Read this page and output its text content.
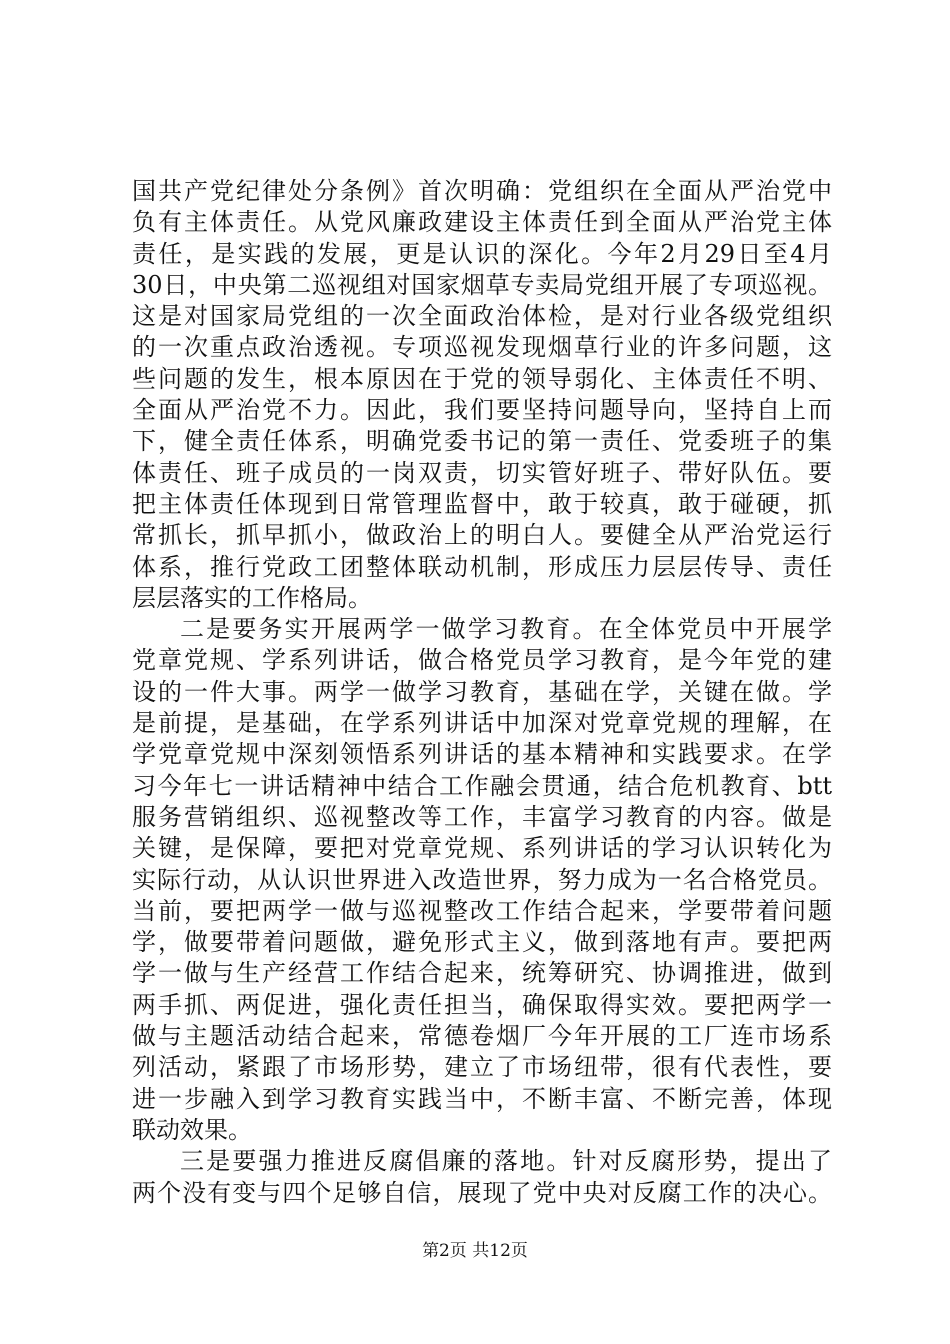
国共产党纪律处分条例》首次明确：党组织在全面从严治党中
负有主体责任。从党风廉政建设主体责任到全面从严治党主体
责任，是实践的发展，更是认识的深化。今年2月29日至4月
30日，中央第二巡视组对国家烟草专卖局党组开展了专项巡视。
这是对国家局党组的一次全面政治体检，是对行业各级党组织
的一次重点政治透视。专项巡视发现烟草行业的许多问题，这
些问题的发生，根本原因在于党的领导弱化、主体责任不明、
全面从严治党不力。因此，我们要坚持问题导向，坚持自上而
下，健全责任体系，明确党委书记的第一责任、党委班子的集
体责任、班子成员的一岗双责，切实管好班子、带好队伍。要
把主体责任体现到日常管理监督中，敢于较真，敢于碰硬，抓
常抓长，抓早抓小，做政治上的明白人。要健全从严治党运行
体系，推行党政工团整体联动机制，形成压力层层传导、责任
层层落实的工作格局。
二是要务实开展两学一做学习教育。在全体党员中开展学
党章党规、学系列讲话，做合格党员学习教育，是今年党的建
设的一件大事。两学一做学习教育，基础在学，关键在做。学
是前提，是基础，在学系列讲话中加深对党章党规的理解，在
学党章党规中深刻领悟系列讲话的基本精神和实践要求。在学
习今年七一讲话精神中结合工作融会贯通，结合危机教育、btt
服务营销组织、巡视整改等工作，丰富学习教育的内容。做是
关键，是保障，要把对党章党规、系列讲话的学习认识转化为
实际行动，从认识世界进入改造世界，努力成为一名合格党员。
当前，要把两学一做与巡视整改工作结合起来，学要带着问题
学，做要带着问题做，避免形式主义，做到落地有声。要把两
学一做与生产经营工作结合起来，统筹研究、协调推进，做到
两手抓、两促进，强化责任担当，确保取得实效。要把两学一
做与主题活动结合起来，常德卷烟厂今年开展的工厂连市场系
列活动，紧跟了市场形势，建立了市场纽带，很有代表性，要
进一步融入到学习教育实践当中，不断丰富、不断完善，体现
联动效果。
三是要强力推进反腐倡廉的落地。针对反腐形势，提出了
两个没有变与四个足够自信，展现了党中央对反腐工作的决心。
第2页 共12页
